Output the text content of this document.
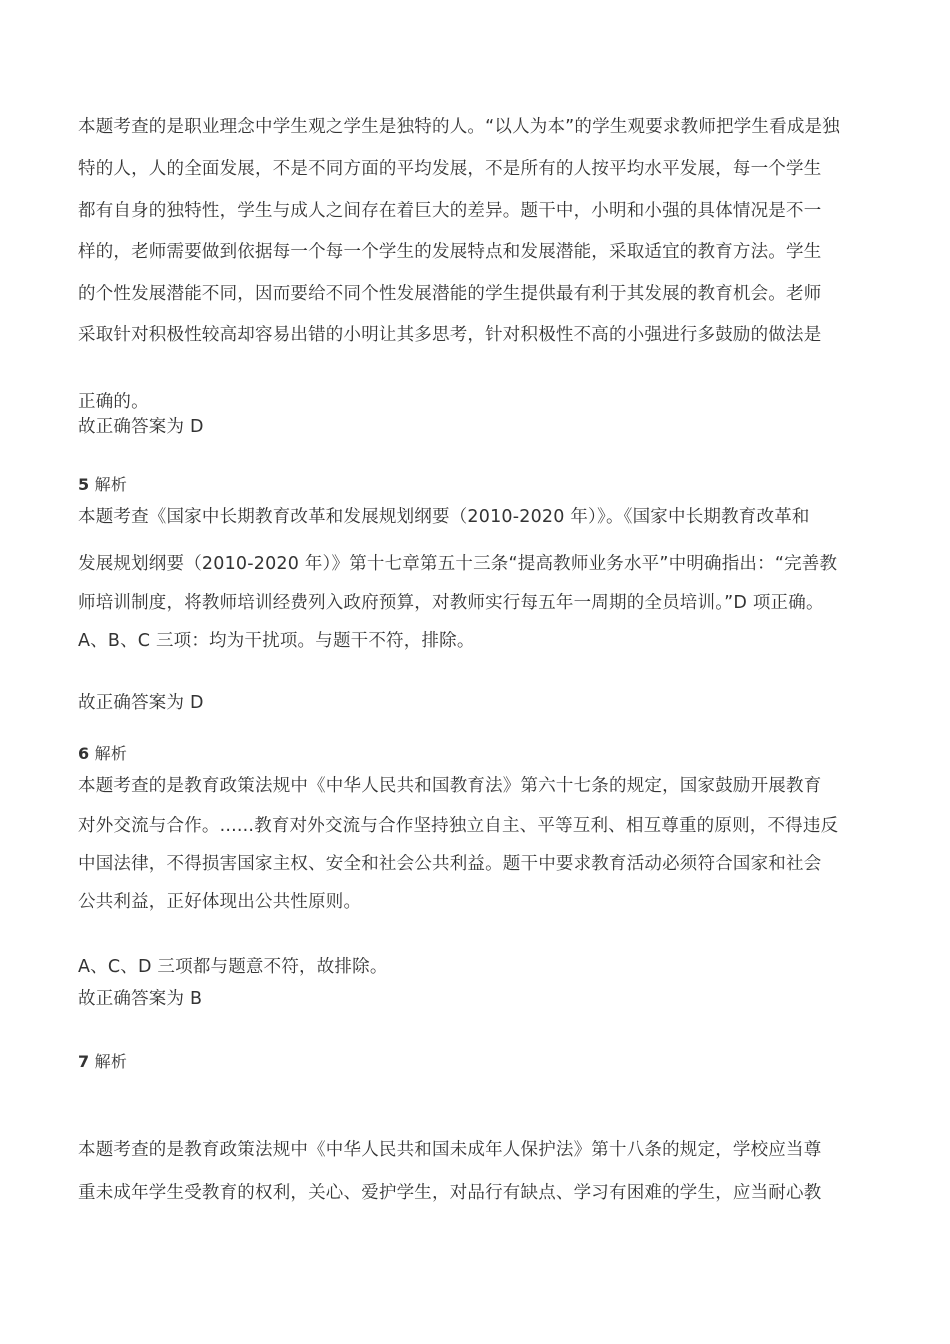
本题考查的是职业理念中学生观之学生是独特的人。“以人为本”的学生观要求教师把学生看成是独

特的人，人的全面发展，不是不同方面的平均发展，不是所有的人按平均水平发展，每一个学生

都有自身的独特性，学生与成人之间存在着巨大的差异。题干中，小明和小强的具体情况是不一

样的，老师需要做到依据每一个每一个学生的发展特点和发展潜能，采取适宜的教育方法。学生

的个性发展潜能不同，因而要给不同个性发展潜能的学生提供最有利于其发展的教育机会。老师

采取针对积极性较高却容易出错的小明让其多思考，针对积极性不高的小强进行多鼓励的做法是

正确的。

故正确答案为 D

5 解析

本题考查《国家中长期教育改革和发展规划纲要（2010-2020 年）》。《国家中长期教育改革和

发展规划纲要（2010-2020 年）》第十七章第五十三条“提高教师业务水平”中明确指出：“完善教

师培训制度，将教师培训经费列入政府预算，对教师实行每五年一周期的全员培训。”D 项正确。

A、B、C 三项：均为干扰项。与题干不符，排除。

故正确答案为 D

6 解析

本题考查的是教育政策法规中《中华人民共和国教育法》第六十七条的规定，国家鼓励开展教育

对外交流与合作。......教育对外交流与合作坚持独立自主、平等互利、相互尊重的原则，不得违反

中国法律，不得损害国家主权、安全和社会公共利益。题干中要求教育活动必须符合国家和社会

公共利益，正好体现出公共性原则。

A、C、D 三项都与题意不符，故排除。

故正确答案为 B

7 解析

本题考查的是教育政策法规中《中华人民共和国未成年人保护法》第十八条的规定，学校应当尊

重未成年学生受教育的权利，关心、爱护学生，对品行有缺点、学习有困难的学生，应当耐心教
